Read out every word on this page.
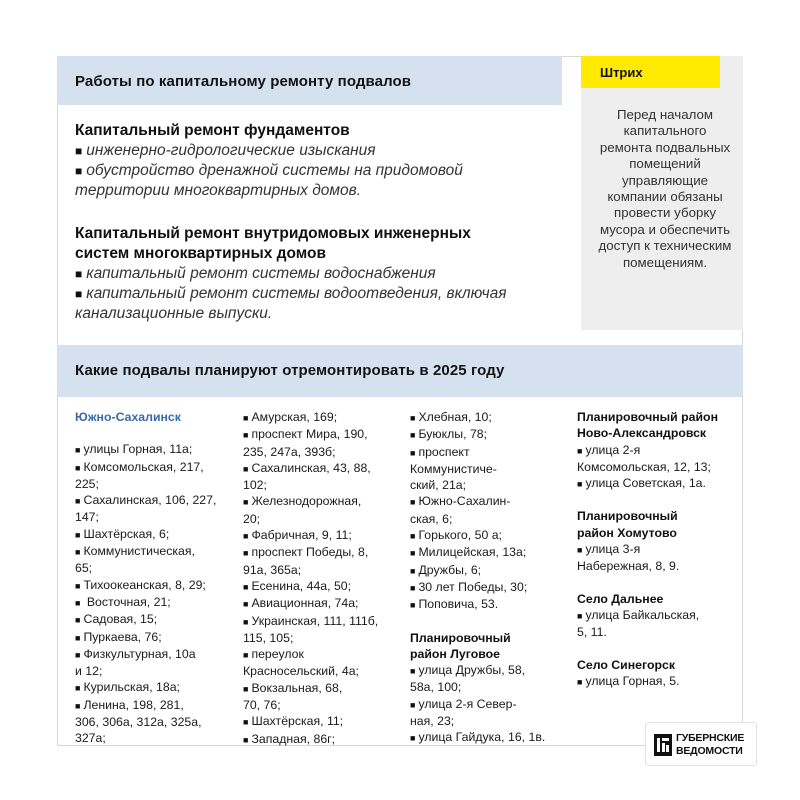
Работы по капитальному ремонту подвалов
Штрих
Перед началом капитального ремонта подвальных помещений управляющие компании обязаны провести уборку мусора и обеспечить доступ к техническим помещениям.
Капитальный ремонт фундаментов
■ инженерно-гидрологические изыскания
■ обустройство дренажной системы на придомовой
территории многоквартирных домов.
Капитальный ремонт внутридомовых инженерных
систем многоквартирных домов
■ капитальный ремонт системы водоснабжения
■ капитальный ремонт системы водоотведения, включая
канализационные выпуски.
Какие подвалы планируют отремонтировать в 2025 году
Южно-Сахалинск
■ улицы Горная, 11а;
■ Комсомольская, 217,
225;
■ Сахалинская, 106, 227,
147;
■ Шахтёрская, 6;
■ Коммунистическая,
65;
■ Тихоокеанская, 8, 29;
■ Восточная, 21;
■ Садовая, 15;
■ Пуркаева, 76;
■ Физкультурная, 10а
и 12;
■ Курильская, 18а;
■ Ленина, 198, 281,
306, 306а, 312а, 325а,
327а;
■ Амурская, 169;
■ проспект Мира, 190,
235, 247а, 393б;
■ Сахалинская, 43, 88,
102;
■ Железнодорожная,
20;
■ Фабричная, 9, 11;
■ проспект Победы, 8,
91а, 365а;
■ Есенина, 44а, 50;
■ Авиационная, 74а;
■ Украинская, 111, 111б,
115, 105;
■ переулок
Красносельский, 4а;
■ Вокзальная, 68,
70, 76;
■ Шахтёрская, 11;
■ Западная, 86г;
■ Хлебная, 10;
■ Буюклы, 78;
■ проспект
Коммунистиче-
ский, 21а;
■ Южно-Сахалин-
ская, 6;
■ Горького, 50 а;
■ Милицейская, 13а;
■ Дружбы, 6;
■ 30 лет Победы, 30;
■ Поповича, 53.
Планировочный
район Луговое
■ улица Дружбы, 58,
58а, 100;
■ улица 2-я Север-
ная, 23;
■ улица Гайдука, 16, 1в.
Планировочный район
Ново-Александровск
■ улица 2-я
Комсомольская, 12, 13;
■ улица Советская, 1а.
Планировочный
район Хомутово
■ улица 3-я
Набережная, 8, 9.
Село Дальнее
■ улица Байкальская,
5, 11.
Село Синегорск
■ улица Горная, 5.
ГУБЕРНСКИЕ
ВЕДОМОСТИ
